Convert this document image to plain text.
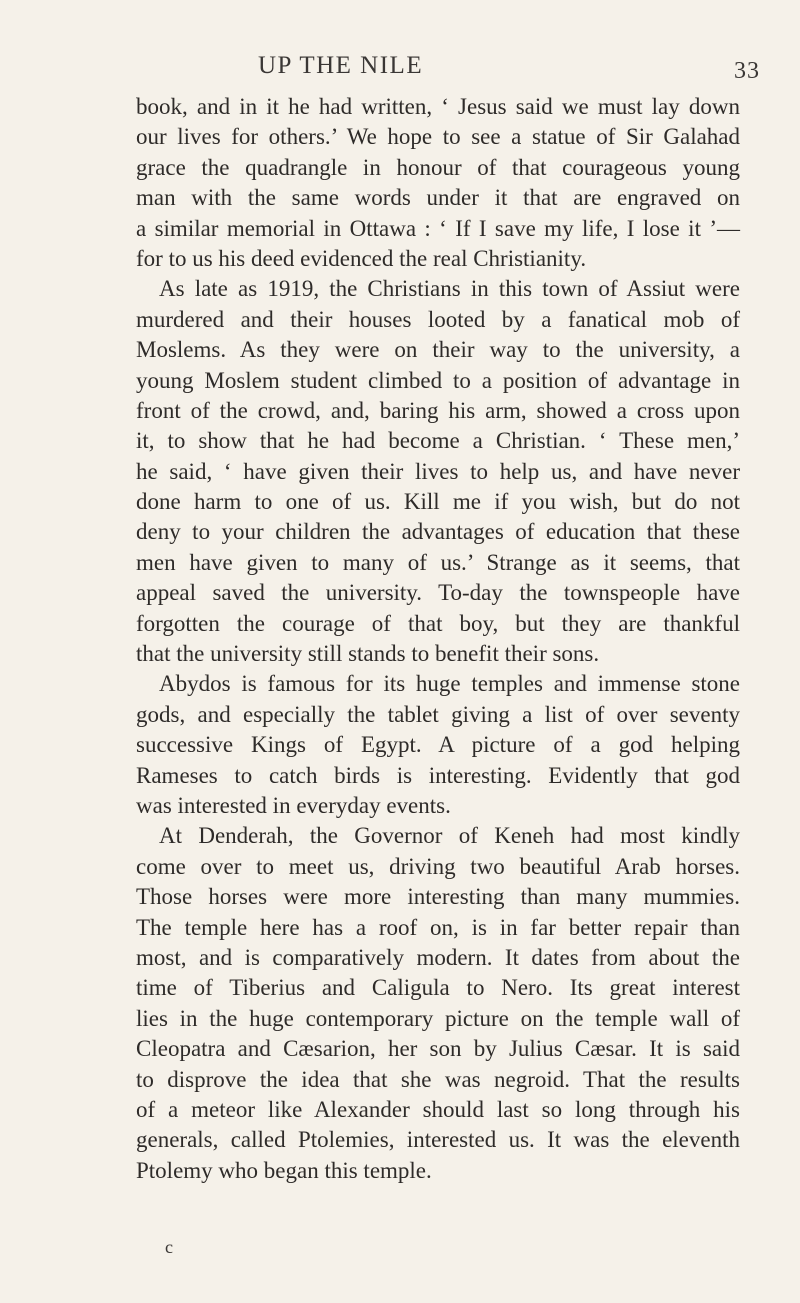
UP THE NILE	33
book, and in it he had written, ‘ Jesus said we must lay down
our lives for others.’ We hope to see a statue of Sir Galahad
grace the quadrangle in honour of that courageous young
man with the same words under it that are engraved on
a similar memorial in Ottawa : ‘ If I save my life, I lose it ’—
for to us his deed evidenced the real Christianity.
As late as 1919, the Christians in this town of Assiut were
murdered and their houses looted by a fanatical mob of
Moslems. As they were on their way to the university, a
young Moslem student climbed to a position of advantage in
front of the crowd, and, baring his arm, showed a cross upon
it, to show that he had become a Christian. ‘ These men,’
he said, ‘ have given their lives to help us, and have never
done harm to one of us. Kill me if you wish, but do not
deny to your children the advantages of education that these
men have given to many of us.’ Strange as it seems, that
appeal saved the university. To-day the townspeople have
forgotten the courage of that boy, but they are thankful
that the university still stands to benefit their sons.
Abydos is famous for its huge temples and immense stone
gods, and especially the tablet giving a list of over seventy
successive Kings of Egypt. A picture of a god helping
Rameses to catch birds is interesting. Evidently that god
was interested in everyday events.
At Denderah, the Governor of Keneh had most kindly
come over to meet us, driving two beautiful Arab horses.
Those horses were more interesting than many mummies.
The temple here has a roof on, is in far better repair than
most, and is comparatively modern. It dates from about the
time of Tiberius and Caligula to Nero. Its great interest
lies in the huge contemporary picture on the temple wall of
Cleopatra and Cæsarion, her son by Julius Cæsar. It is said
to disprove the idea that she was negroid. That the results
of a meteor like Alexander should last so long through his
generals, called Ptolemies, interested us. It was the eleventh
Ptolemy who began this temple.
c
